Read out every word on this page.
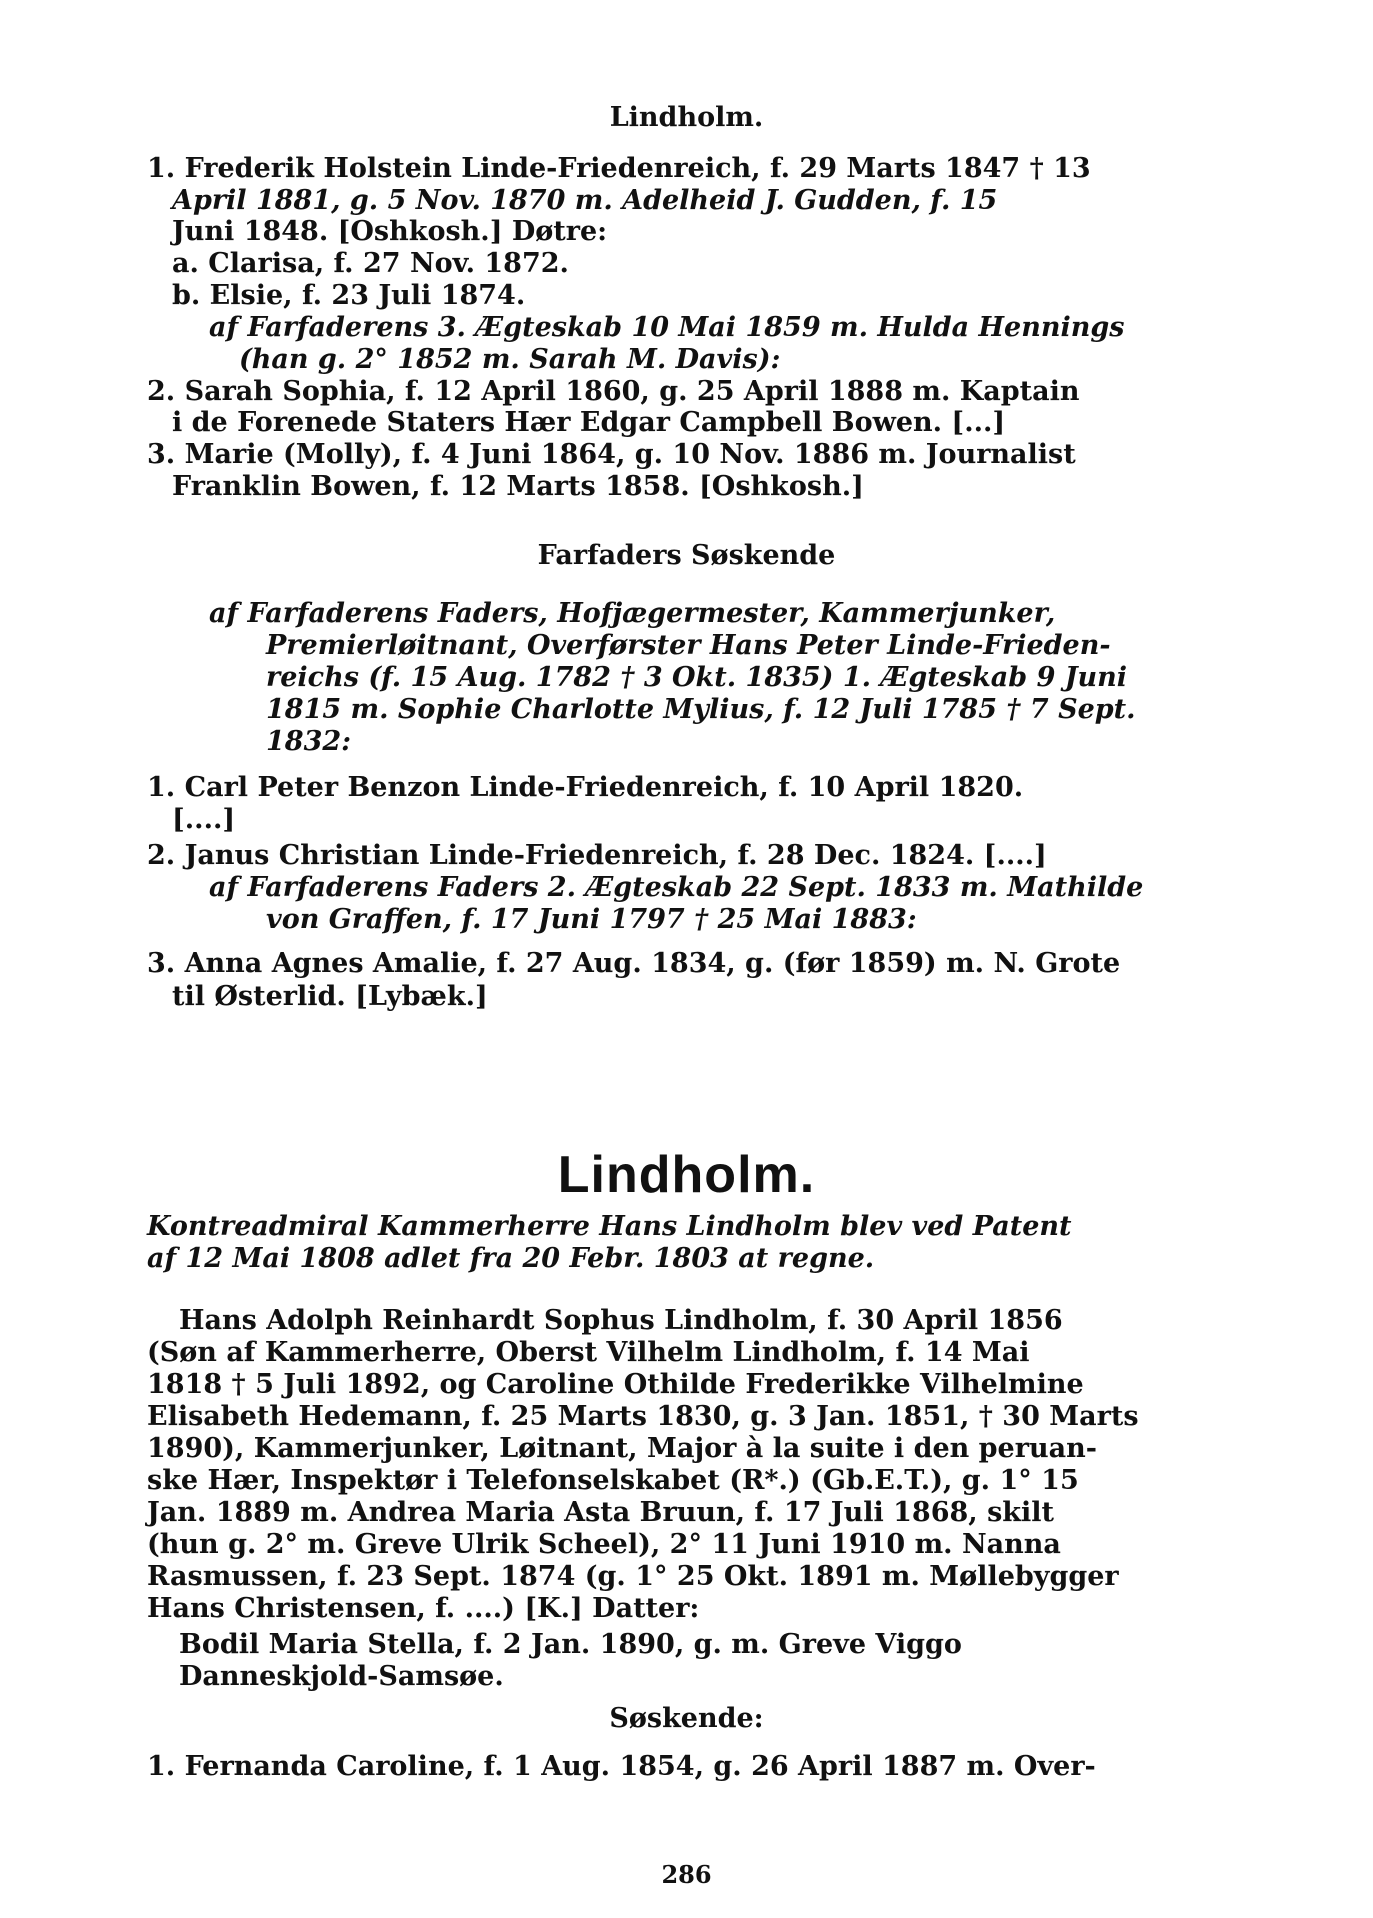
Lindholm.
1. Frederik Holstein Linde-Friedenreich, f. 29 Marts 1847 † 13
April 1881, g. 5 Nov. 1870 m. Adelheid J. Gudden, f. 15
Juni 1848. [Oshkosh.] Døtre:
a. Clarisa, f. 27 Nov. 1872.
b. Elsie, f. 23 Juli 1874.
af Farfaderens 3. Ægteskab 10 Mai 1859 m. Hulda Hennings
(han g. 2° 1852 m. Sarah M. Davis):
2. Sarah Sophia, f. 12 April 1860, g. 25 April 1888 m. Kaptain
i de Forenede Staters Hær Edgar Campbell Bowen. [...]
3. Marie (Molly), f. 4 Juni 1864, g. 10 Nov. 1886 m. Journalist
Franklin Bowen, f. 12 Marts 1858. [Oshkosh.]
Farfaders Søskende
af Farfaderens Faders, Hofjægermester, Kammerjunker,
Premierløitnant, Overførster Hans Peter Linde-Frieden-
reichs (f. 15 Aug. 1782 † 3 Okt. 1835) 1. Ægteskab 9 Juni
1815 m. Sophie Charlotte Mylius, f. 12 Juli 1785 † 7 Sept.
1832:
1. Carl Peter Benzon Linde-Friedenreich, f. 10 April 1820.
[....]
2. Janus Christian Linde-Friedenreich, f. 28 Dec. 1824. [....]
af Farfaderens Faders 2. Ægteskab 22 Sept. 1833 m. Mathilde
von Graffen, f. 17 Juni 1797 † 25 Mai 1883:
3. Anna Agnes Amalie, f. 27 Aug. 1834, g. (før 1859) m. N. Grote
til Østerlid. [Lybæk.]
Lindholm.
Kontreadmiral Kammerherre Hans Lindholm blev ved Patent
af 12 Mai 1808 adlet fra 20 Febr. 1803 at regne.
Hans Adolph Reinhardt Sophus Lindholm, f. 30 April 1856
(Søn af Kammerherre, Oberst Vilhelm Lindholm, f. 14 Mai
1818 † 5 Juli 1892, og Caroline Othilde Frederikke Vilhelmine
Elisabeth Hedemann, f. 25 Marts 1830, g. 3 Jan. 1851, † 30 Marts
1890), Kammerjunker, Løitnant, Major à la suite i den peruan-
ske Hær, Inspektør i Telefonselskabet (R*.) (Gb.E.T.), g. 1° 15
Jan. 1889 m. Andrea Maria Asta Bruun, f. 17 Juli 1868, skilt
(hun g. 2° m. Greve Ulrik Scheel), 2° 11 Juni 1910 m. Nanna
Rasmussen, f. 23 Sept. 1874 (g. 1° 25 Okt. 1891 m. Møllebygger
Hans Christensen, f. ....) [K.] Datter:
Bodil Maria Stella, f. 2 Jan. 1890, g. m. Greve Viggo
Danneskjold-Samsøe.
Søskende:
1. Fernanda Caroline, f. 1 Aug. 1854, g. 26 April 1887 m. Over-
286
